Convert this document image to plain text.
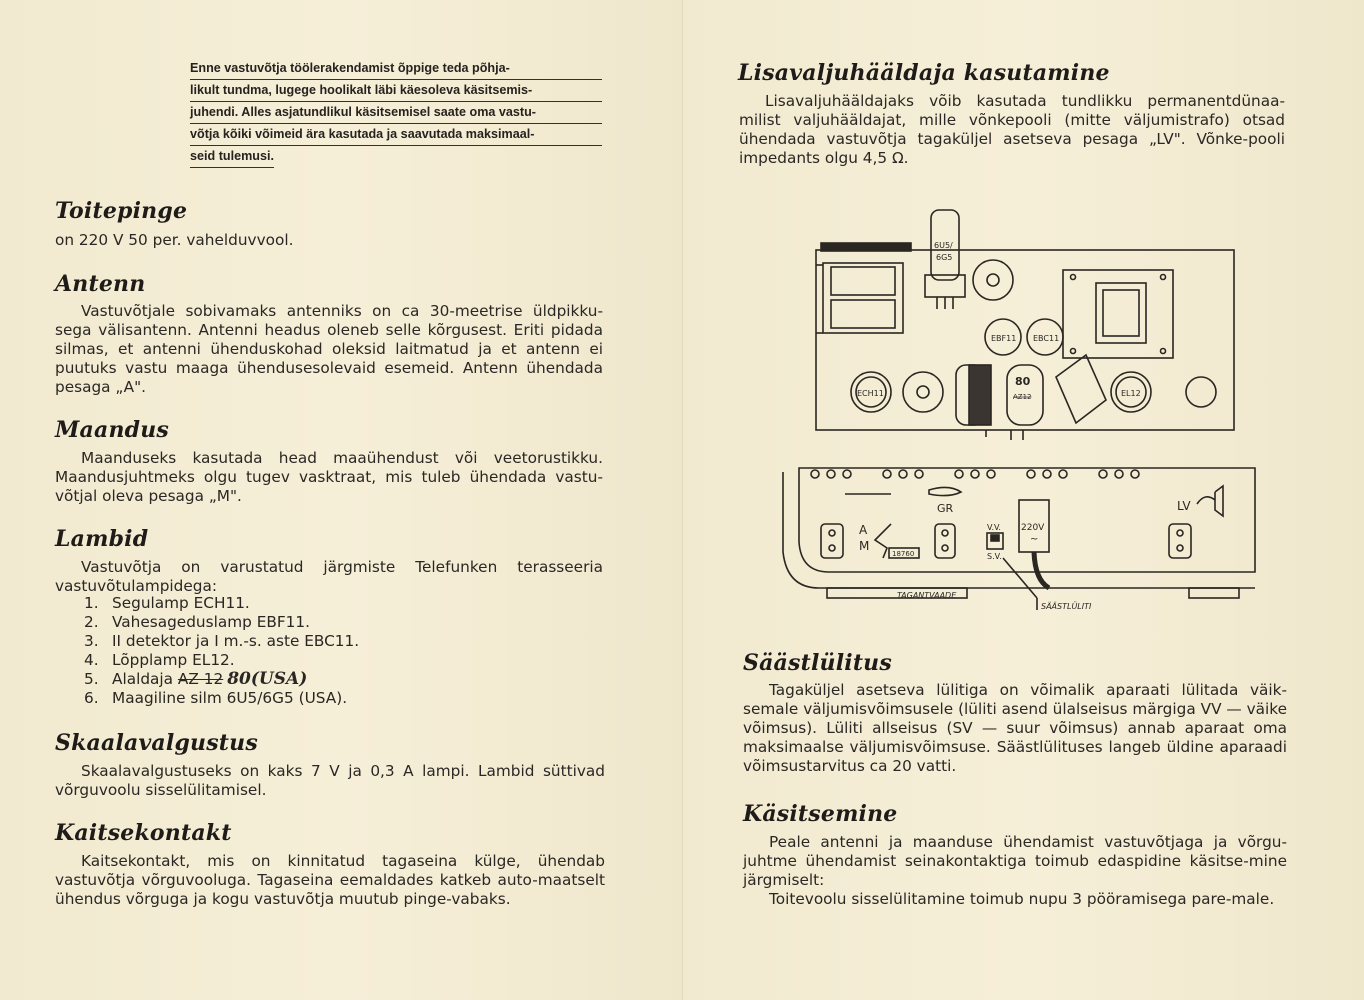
Enne vastuvõtja töölerakendamist õppige teda põhja-
likult tundma, lugege hoolikalt läbi käesoleva käsitsemis-
juhendi. Alles asjatundlikul käsitsemisel saate oma vastu-
võtja kõiki võimeid ära kasutada ja saavutada maksimaal-
seid tulemusi.
Toitepinge
on 220 V 50 per. vahelduvvool.
Antenn
Vastuvõtjale sobivamaks antenniks on ca 30-meetrise üldpikku-sega välisantenn. Antenni headus oleneb selle kõrgusest. Eriti pidada silmas, et antenni ühenduskohad oleksid laitmatud ja et antenn ei puutuks vastu maaga ühendusesolevaid esemeid. Antenn ühendada pesaga „A".
Maandus
Maanduseks kasutada head maaühendust või veetorustikku. Maandusjuhtmeks olgu tugev vasktraat, mis tuleb ühendada vastu-võtjal oleva pesaga „M".
Lambid
Vastuvõtja on varustatud järgmiste Telefunken terasseeria vastuvõtulampidega:
1. Segulamp ECH11.
2. Vahesageduslamp EBF11.
3. II detektor ja I m.-s. aste EBC11.
4. Lõpplamp EL12.
5. Alaldaja
AZ 12 80(USA)
6. Maagiline silm 6U5/6G5 (USA).
Skaalavalgustus
Skaalavalgustuseks on kaks 7 V ja 0,3 A lampi. Lambid süttivad võrguvoolu sisselülitamisel.
Kaitsekontakt
Kaitsekontakt, mis on kinnitatud tagaseina külge, ühendab vastuvõtja võrguvooluga. Tagaseina eemaldades katkeb auto-maatselt ühendus võrguga ja kogu vastuvõtja muutub pinge-vabaks.
Lisavaljuhääldaja kasutamine
Lisavaljuhääldajaks võib kasutada tundlikku permanentdünaa-milist valjuhääldajat, mille võnkepooli (mitte väljumistrafo) otsad ühendada vastuvõtja tagaküljel asetseva pesaga „LV". Võnke-pooli impedants olgu 4,5 Ω.
6U5/
6G5
EBF11 EBC11
ECH11
80
AZ12	EL12
A
M
18760
GR
V.V.
S.V.
220V
~
LV
TAGANTVAADE
SÄÄSTLÜLITI
Säästlülitus
Tagaküljel asetseva lülitiga on võimalik aparaati lülitada väik-semale väljumisvõimsusele (lüliti asend ülalseisus märgiga VV — väike võimsus). Lüliti allseisus (SV — suur võimsus) annab aparaat oma maksimaalse väljumisvõimsuse. Säästlülituses langeb üldine aparaadi võimsustarvitus ca 20 vatti.
Käsitsemine
Peale antenni ja maanduse ühendamist vastuvõtjaga ja võrgu-juhtme ühendamist seinakontaktiga toimub edaspidine käsitse-mine järgmiselt:
Toitevoolu sisselülitamine toimub nupu 3 pööramisega pare-male.
